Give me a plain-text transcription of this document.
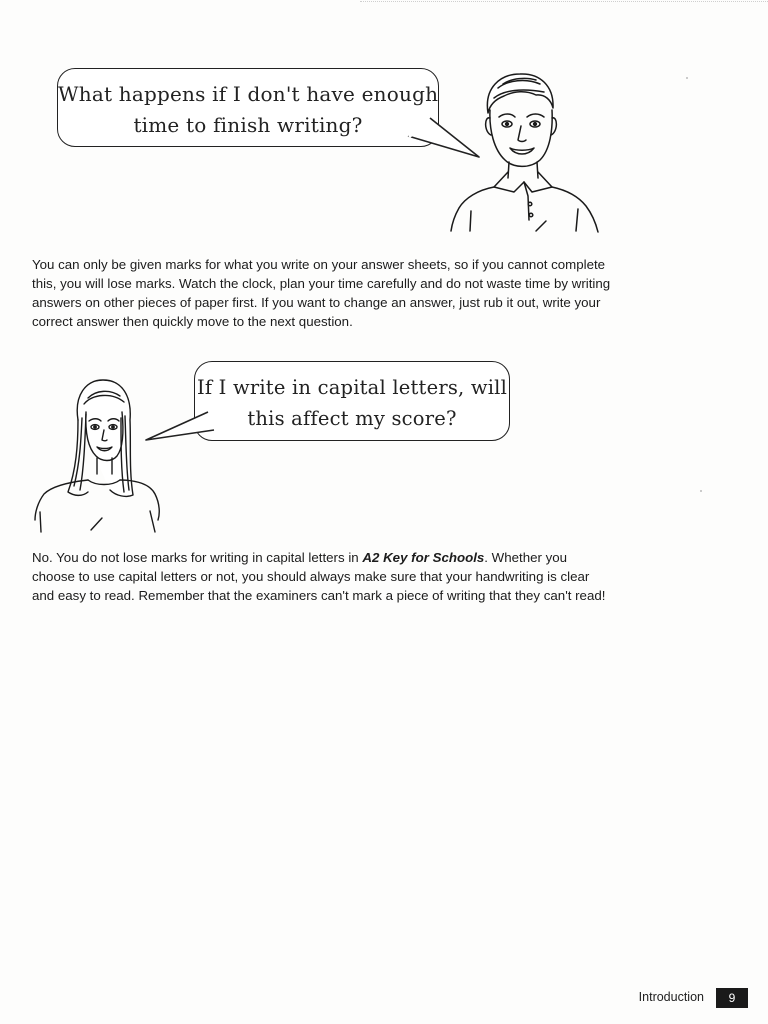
What happens if I don't have enough
time to finish writing?

You can only be given marks for what you write on your answer sheets, so if you cannot complete this, you will lose marks. Watch the clock, plan your time carefully and do not waste time by writing answers on other pieces of paper first. If you want to change an answer, just rub it out, write your correct answer then quickly move to the next question.

If I write in capital letters, will
this affect my score?

No. You do not lose marks for writing in capital letters in A2 Key for Schools. Whether you choose to use capital letters or not, you should always make sure that your handwriting is clear and easy to read. Remember that the examiners can't mark a piece of writing that they can't read!

Introduction	9
